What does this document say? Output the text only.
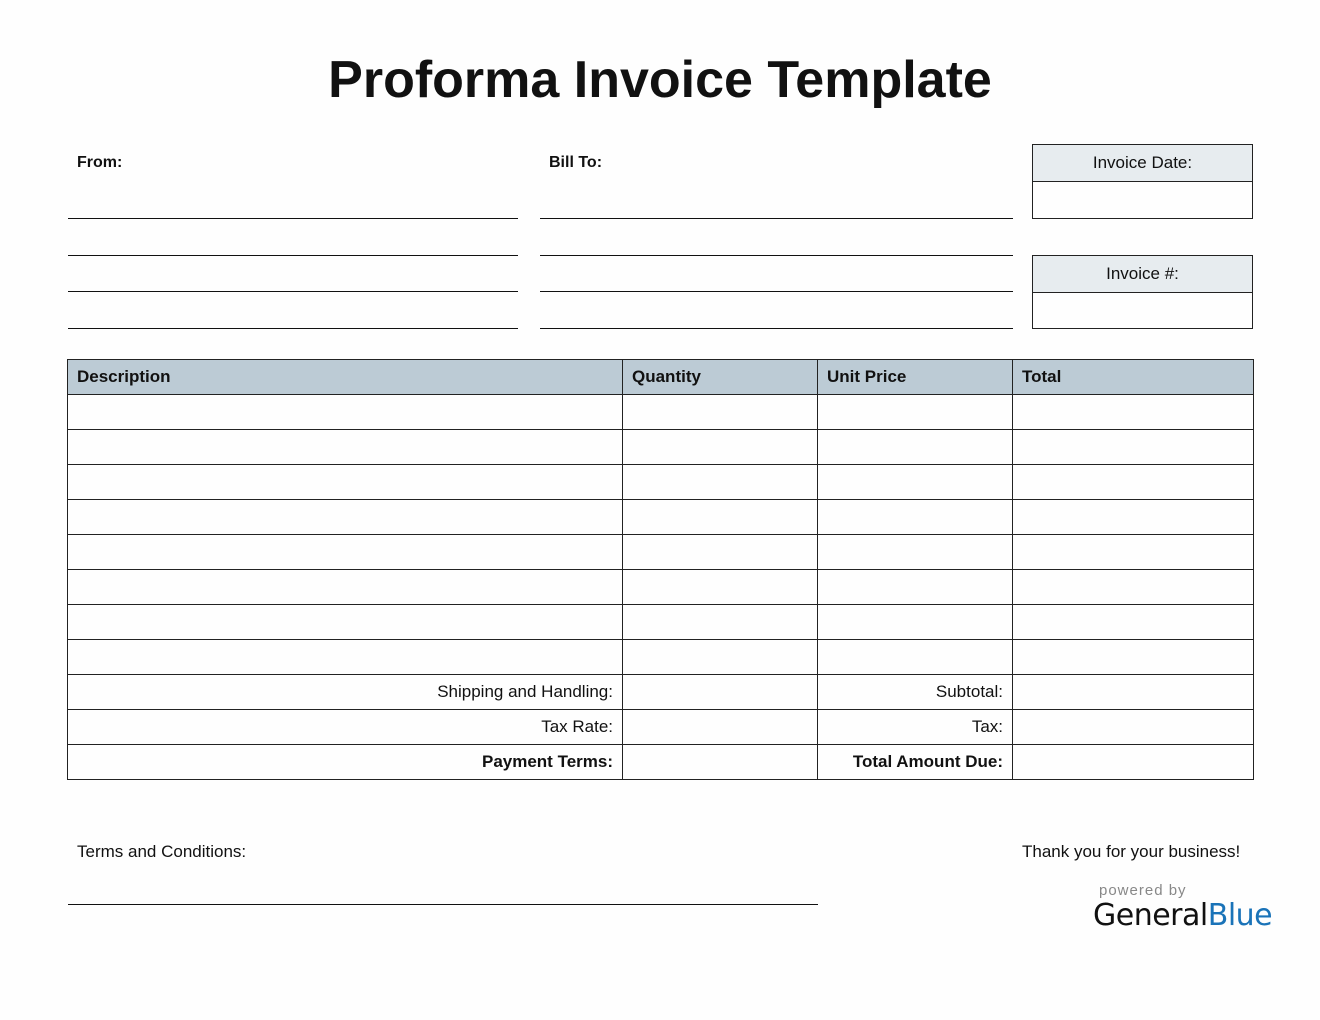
Proforma Invoice Template
From:	Bill To:	Invoice Date:
Invoice #:
Description	Quantity	Unit Price	Total

Shipping and Handling:		Subtotal:	
Tax Rate:		Tax:	
Payment Terms:		Total Amount Due:	
Terms and Conditions:	Thank you for your business!
powered by
GeneralBlue
